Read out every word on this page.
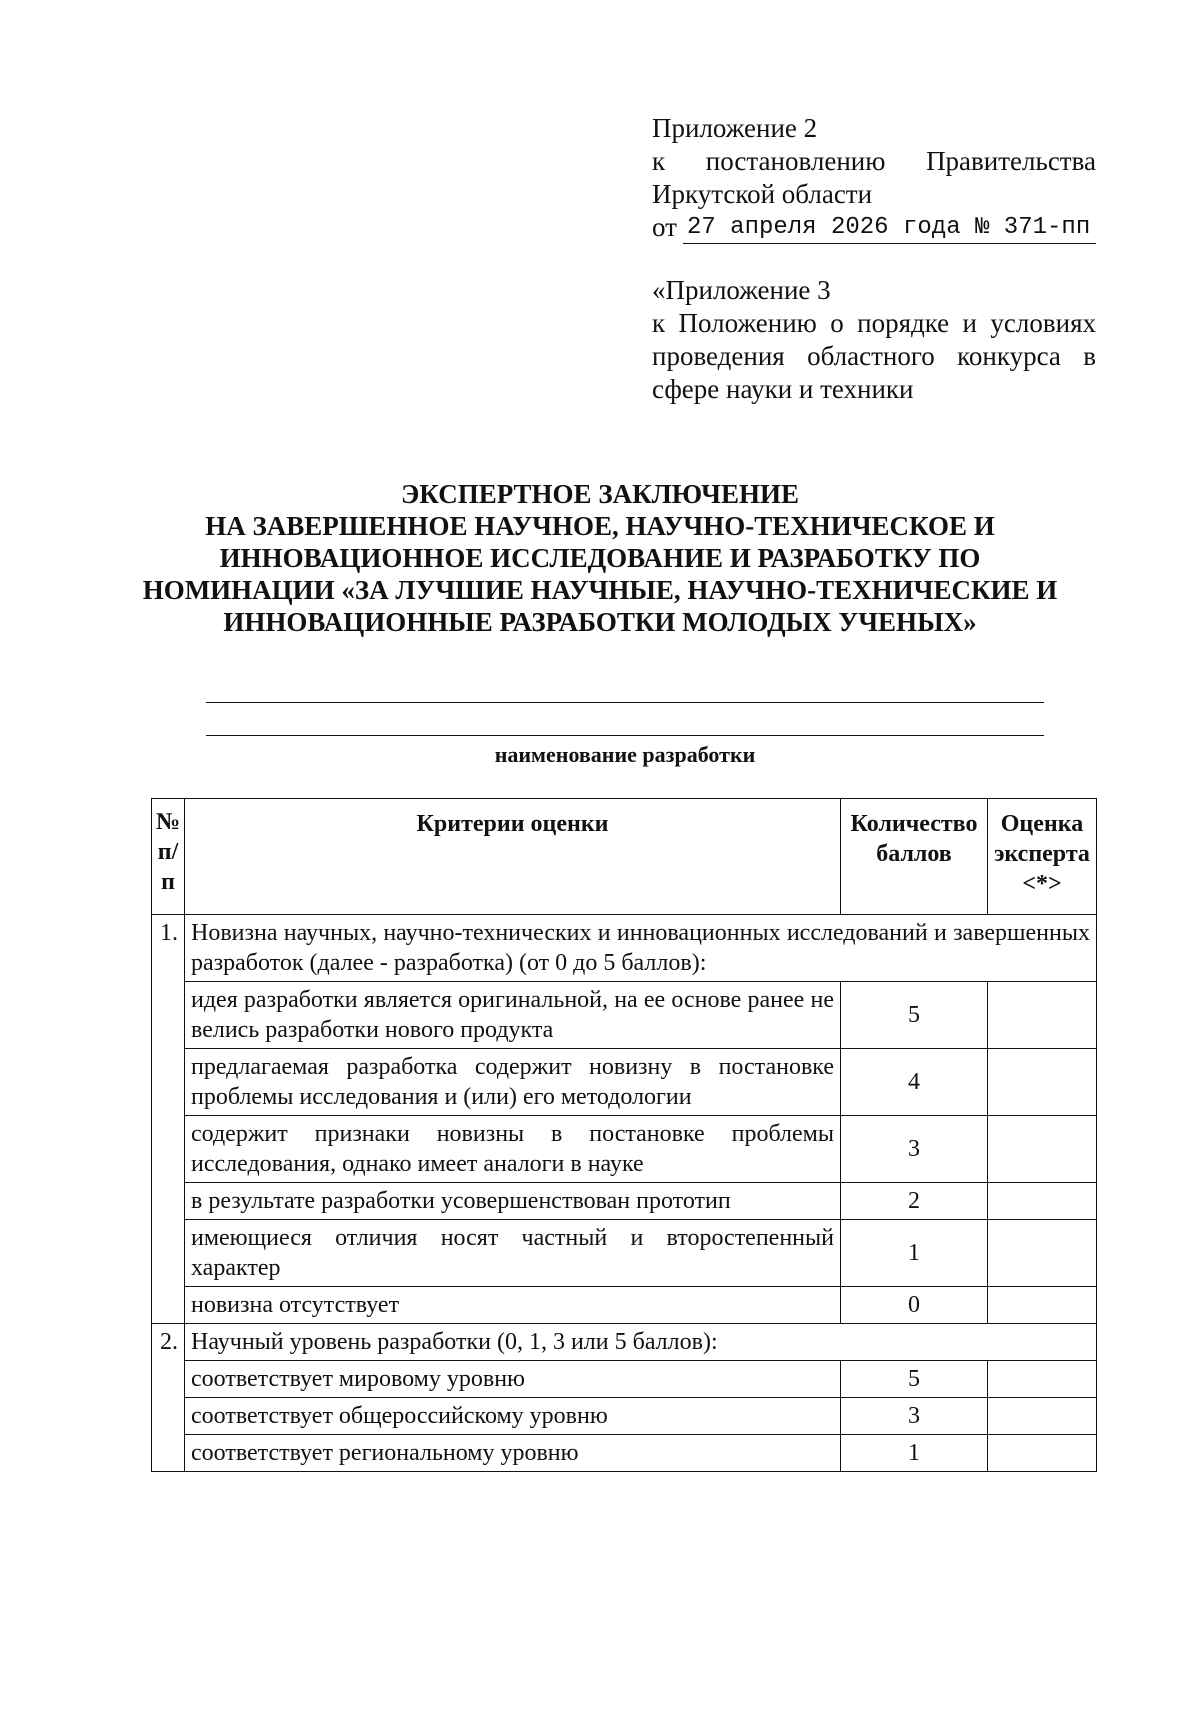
Приложение 2
к постановлению Правительства
Иркутской области
от 27 апреля 2026 года № 371-пп
«Приложение 3
к Положению о порядке и условиях
проведения областного конкурса в
сфере науки и техники
ЭКСПЕРТНОЕ ЗАКЛЮЧЕНИЕ
НА ЗАВЕРШЕННОЕ НАУЧНОЕ, НАУЧНО-ТЕХНИЧЕСКОЕ И
ИННОВАЦИОННОЕ ИССЛЕДОВАНИЕ И РАЗРАБОТКУ ПО
НОМИНАЦИИ «ЗА ЛУЧШИЕ НАУЧНЫЕ, НАУЧНО-ТЕХНИЧЕСКИЕ И
ИННОВАЦИОННЫЕ РАЗРАБОТКИ МОЛОДЫХ УЧЕНЫХ»
наименование разработки
№ п/п	Критерии оценки	Количество баллов	Оценка эксперта <*>
1.	Новизна научных, научно-технических и инновационных исследований и завершенных разработок (далее - разработка) (от 0 до 5 баллов):		
	идея разработки является оригинальной, на ее основе ранее не велись разработки нового продукта	5	
	предлагаемая разработка содержит новизну в постановке проблемы исследования и (или) его методологии	4	
	содержит признаки новизны в постановке проблемы исследования, однако имеет аналоги в науке	3	
	в результате разработки усовершенствован прототип	2	
	имеющиеся отличия носят частный и второстепенный характер	1	
	новизна отсутствует	0	
2.	Научный уровень разработки (0, 1, 3 или 5 баллов):		
	соответствует мировому уровню	5	
	соответствует общероссийскому уровню	3	
	соответствует региональному уровню	1	
